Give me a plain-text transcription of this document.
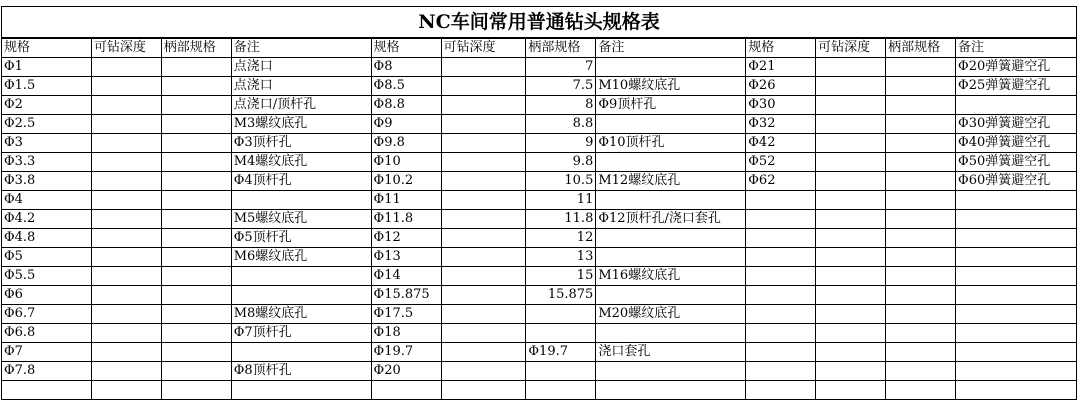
NC车间常用普通钻头规格表
规格	可钻深度	柄部规格	备注	规格	可钻深度	柄部规格	备注	规格	可钻深度	柄部规格	备注
Φ1			点浇口	Φ8		7		Φ21			Φ20弹簧避空孔
Φ1.5			点浇口	Φ8.5		7.5	M10螺纹底孔	Φ26			Φ25弹簧避空孔
Φ2			点浇口/顶杆孔	Φ8.8		8	Φ9顶杆孔	Φ30			
Φ2.5			M3螺纹底孔	Φ9		8.8		Φ32			Φ30弹簧避空孔
Φ3			Φ3顶杆孔	Φ9.8		9	Φ10顶杆孔	Φ42			Φ40弹簧避空孔
Φ3.3			M4螺纹底孔	Φ10		9.8		Φ52			Φ50弹簧避空孔
Φ3.8			Φ4顶杆孔	Φ10.2		10.5	M12螺纹底孔	Φ62			Φ60弹簧避空孔
Φ4				Φ11		11					
Φ4.2			M5螺纹底孔	Φ11.8		11.8	Φ12顶杆孔/浇口套孔				
Φ4.8			Φ5顶杆孔	Φ12		12					
Φ5			M6螺纹底孔	Φ13		13					
Φ5.5				Φ14		15	M16螺纹底孔				
Φ6				Φ15.875		15.875					
Φ6.7			M8螺纹底孔	Φ17.5			M20螺纹底孔				
Φ6.8			Φ7顶杆孔	Φ18							
Φ7				Φ19.7		Φ19.7	浇口套孔				
Φ7.8			Φ8顶杆孔	Φ20							
